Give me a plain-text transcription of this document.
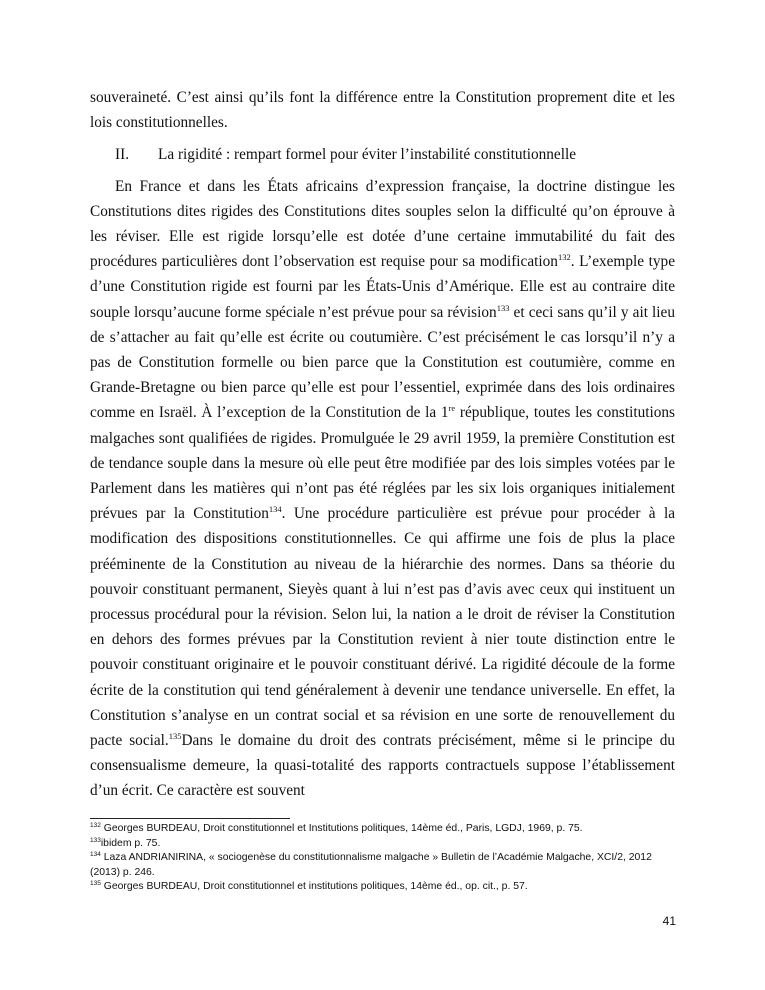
souveraineté. C’est ainsi qu’ils font la différence entre la Constitution proprement dite et les lois constitutionnelles.

II.	La rigidité : rempart formel pour éviter l’instabilité constitutionnelle

En France et dans les États africains d’expression française, la doctrine distingue les Constitutions dites rigides des Constitutions dites souples selon la difficulté qu’on éprouve à les réviser. Elle est rigide lorsqu’elle est dotée d’une certaine immutabilité du fait des procédures particulières dont l’observation est requise pour sa modification$^{132}$. L’exemple type d’une Constitution rigide est fourni par les États-Unis d’Amérique. Elle est au contraire dite souple lorsqu’aucune forme spéciale n’est prévue pour sa révision$^{133}$ et ceci sans qu’il y ait lieu de s’attacher au fait qu’elle est écrite ou coutumière. C’est précisément le cas lorsqu’il n’y a pas de Constitution formelle ou bien parce que la Constitution est coutumière, comme en Grande-Bretagne ou bien parce qu’elle est pour l’essentiel, exprimée dans des lois ordinaires comme en Israël. À l’exception de la Constitution de la 1re république, toutes les constitutions malgaches sont qualifiées de rigides. Promulguée le 29 avril 1959, la première Constitution est de tendance souple dans la mesure où elle peut être modifiée par des lois simples votées par le Parlement dans les matières qui n’ont pas été réglées par les six lois organiques initialement prévues par la Constitution$^{134}$. Une procédure particulière est prévue pour procéder à la modification des dispositions constitutionnelles. Ce qui affirme une fois de plus la place prééminente de la Constitution au niveau de la hiérarchie des normes. Dans sa théorie du pouvoir constituant permanent, Sieyès quant à lui n’est pas d’avis avec ceux qui instituent un processus procédural pour la révision. Selon lui, la nation a le droit de réviser la Constitution en dehors des formes prévues par la Constitution revient à nier toute distinction entre le pouvoir constituant originaire et le pouvoir constituant dérivé. La rigidité découle de la forme écrite de la constitution qui tend généralement à devenir une tendance universelle. En effet, la Constitution s’analyse en un contrat social et sa révision en une sorte de renouvellement du pacte social.$^{135}$Dans le domaine du droit des contrats précisément, même si le principe du consensualisme demeure, la quasi-totalité des rapports contractuels suppose l’établissement d’un écrit. Ce caractère est souvent

$^{132}$ Georges BURDEAU, Droit constitutionnel et Institutions politiques, 14ème éd., Paris, LGDJ, 1969, p. 75.

$^{133}$ibidem p. 75.

$^{134}$ Laza ANDRIANIRINA, « sociogenèse du constitutionnalisme malgache » Bulletin de l’Académie Malgache, XCI/2, 2012 (2013) p. 246.

$^{135}$ Georges BURDEAU, Droit constitutionnel et institutions politiques, 14ème éd., op. cit., p. 57.

41
